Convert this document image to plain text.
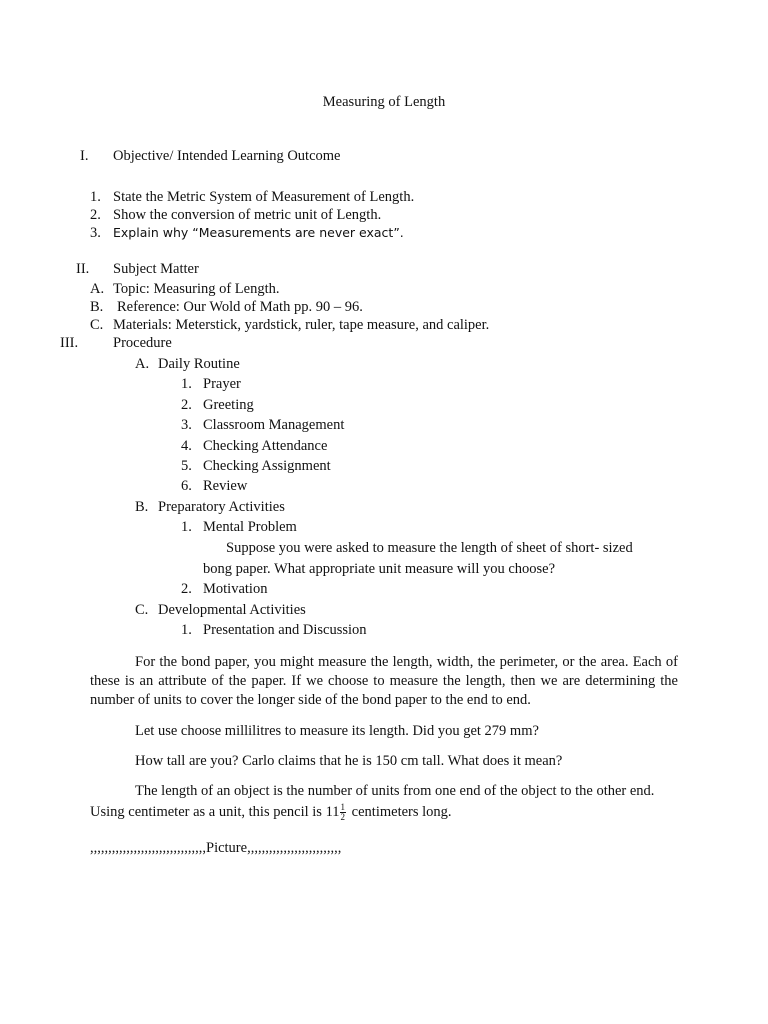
Measuring of Length
I. Objective/ Intended Learning Outcome
1. State the Metric System of Measurement of Length.
2. Show the conversion of metric unit of Length.
3. Explain why “Measurements are never exact”.
II. Subject Matter
A. Topic: Measuring of Length.
B. Reference: Our Wold of Math pp. 90 – 96.
C. Materials: Meterstick, yardstick, ruler, tape measure, and caliper.
III. Procedure
A. Daily Routine
1. Prayer
2. Greeting
3. Classroom Management
4. Checking Attendance
5. Checking Assignment
6. Review
B. Preparatory Activities
1. Mental Problem
Suppose you were asked to measure the length of sheet of short- sized
bong paper. What appropriate unit measure will you choose?
2. Motivation
C. Developmental Activities
1. Presentation and Discussion
For the bond paper, you might measure the length, width, the perimeter, or the area. Each of these is an attribute of the paper. If we choose to measure the length, then we are determining the number of units to cover the longer side of the bond paper to the end to end.
Let use choose millilitres to measure its length. Did you get 279 mm?
How tall are you? Carlo claims that he is 150 cm tall. What does it mean?
The length of an object is the number of units from one end of the object to the other end.
Using centimeter as a unit, this pencil is $11 \frac{1}{2}$ centimeters long.
,,,,,,,,,,,,,,,,,,,,,,,,,,,,,,,,Picture,,,,,,,,,,,,,,,,,,,,,,,,,,
